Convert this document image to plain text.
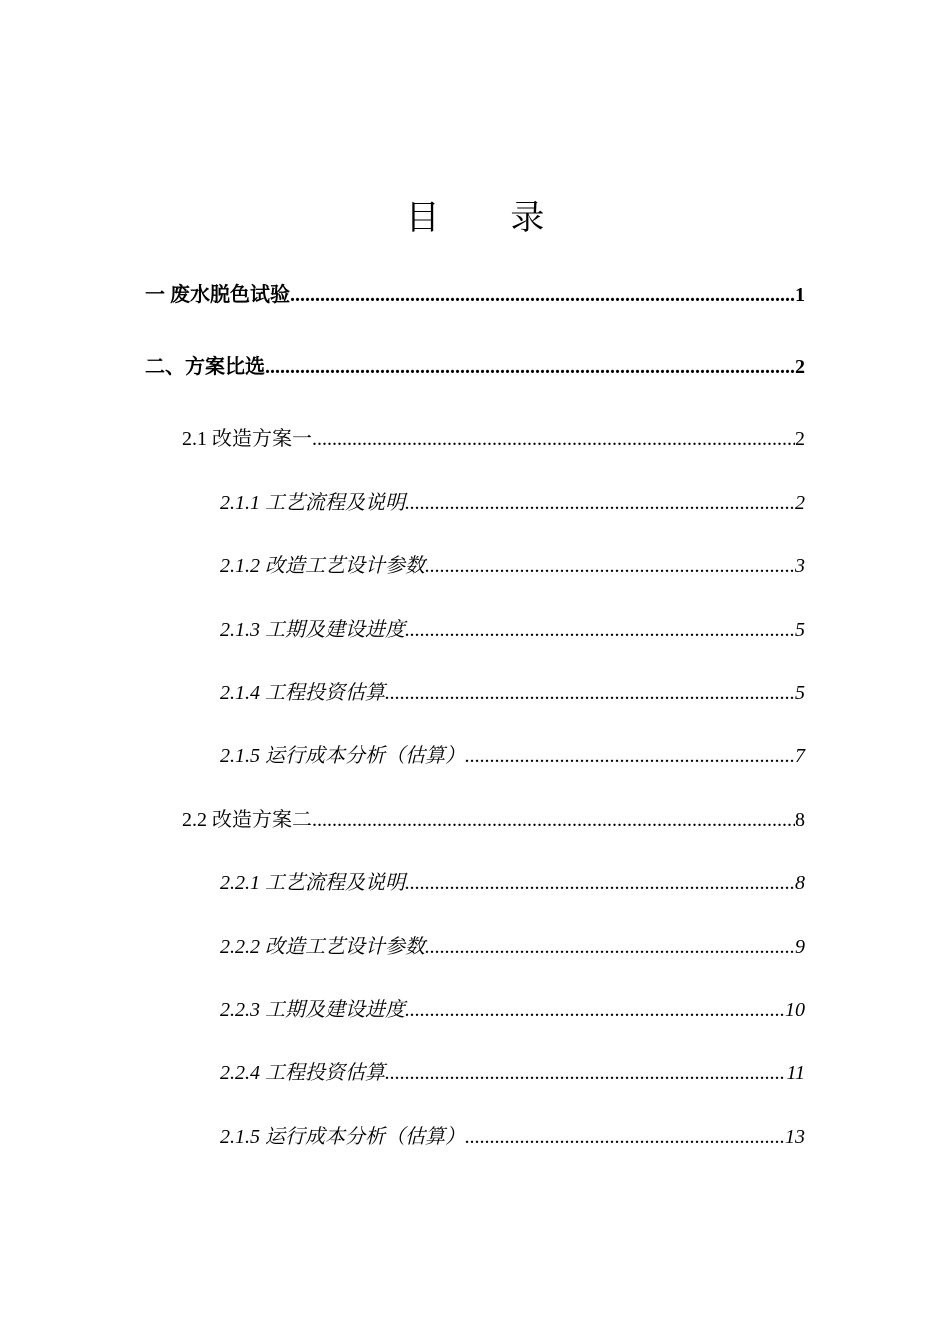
目 录
一 废水脱色试验 .....	1
二、方案比选 .....	2
2.1 改造方案一 .....	2
2.1.1 工艺流程及说明 .....	2
2.1.2 改造工艺设计参数 .....	3
2.1.3 工期及建设进度 .....	5
2.1.4 工程投资估算 .....	5
2.1.5 运行成本分析（估算） .....	7
2.2 改造方案二 .....	8
2.2.1 工艺流程及说明 .....	8
2.2.2 改造工艺设计参数 .....	9
2.2.3 工期及建设进度 .....	10
2.2.4 工程投资估算 .....	11
2.1.5 运行成本分析（估算） .....	13
